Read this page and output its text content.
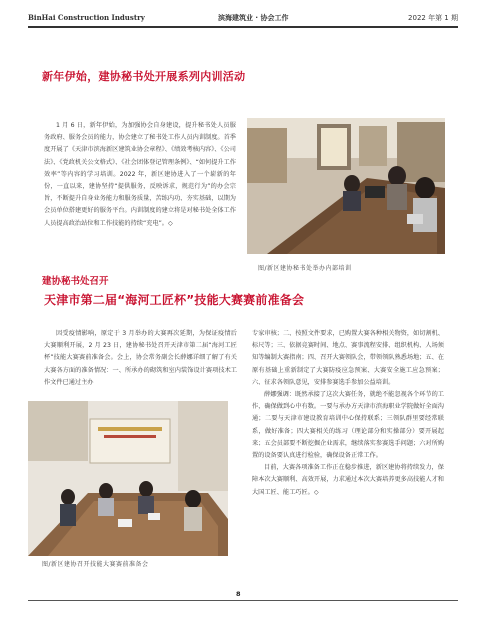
BinHai Construction Industry	滨海建筑业 · 协会工作	2022 年第 1 期
新年伊始，建协秘书处开展系列内训活动

1 月 6 日，新年伊始，为加强协会自身建设，提升秘书处人员服务政府、服务会员的能力，协会建立了秘书处工作人员内训制度。首季度开展了《天津市滨海新区建筑业协会章程》、《绩效考核内容》、《公司法》、《党政机关公文格式》、《社会团体登记管理条例》、“如何提升工作效率”等内容的学习培训。2022 年，新区建协进入了一个崭新的年份，一直以来，建协坚持“提供服务，反映诉求，规范行为”的办会宗旨，不断提升自身业务能力和服务质量，苦练内功、夯实基础，以期为会员单位搭建更好的服务平台。内训制度的建立将是对秘书处全体工作人员提高政治站位和工作技能的持续“充电”。◇

图/新区建协秘书处举办内部培训
建协秘书处召开
天津市第二届“海河工匠杯”技能大赛赛前准备会

因受疫情影响，原定于 3 月举办的大赛再次延期，为保证疫情后大赛顺利开展，2 月 23 日，建协秘书处召开天津市第二届“海河工匠杯”技能大赛赛前准备会。会上，协会常务副会长薛娜详细了解了有关大赛各方面的准备情况：一、所承办的砌筑和室内装饰设计赛项技术工作文件已通过主办

专家审核；二、按照文件要求，已购置大赛各种相关物资，如切割机、标尺等；三、依据竞赛时间、地点、赛事流程安排、组织机构、人场须知等编制大赛指南；四、召开大赛领队会，带领领队熟悉场地；五、在原有基础上重新制定了大赛防疫应急预案、大赛安全施工应急预案；六、征求各领队意见，安排参赛选手参加公益培训。
薛娜强调：既然承接了这次大赛任务，就绝不能忽视各个环节的工作，确保做到心中有数。一要与承办方天津市滨海职业学院做好全面沟通；二要与天津市建设教育培训中心保持联系；三领队群里要经常联系，做好准备；四大赛相关的练习（理论部分和实操部分）要开展起来；五会员部要不断挖掘企业需求，继续落实参赛选手问题；六对所购置的设备要认真进行检验，确保设备正常工作。
目前，大赛各项准备工作正在稳步推进，新区建协将持续发力，保障本次大赛顺利、高效开展，力求通过本次大赛培养更多高技能人才和大国工匠、能工巧匠。◇

图/新区建协召开技能大赛赛前准备会
8
